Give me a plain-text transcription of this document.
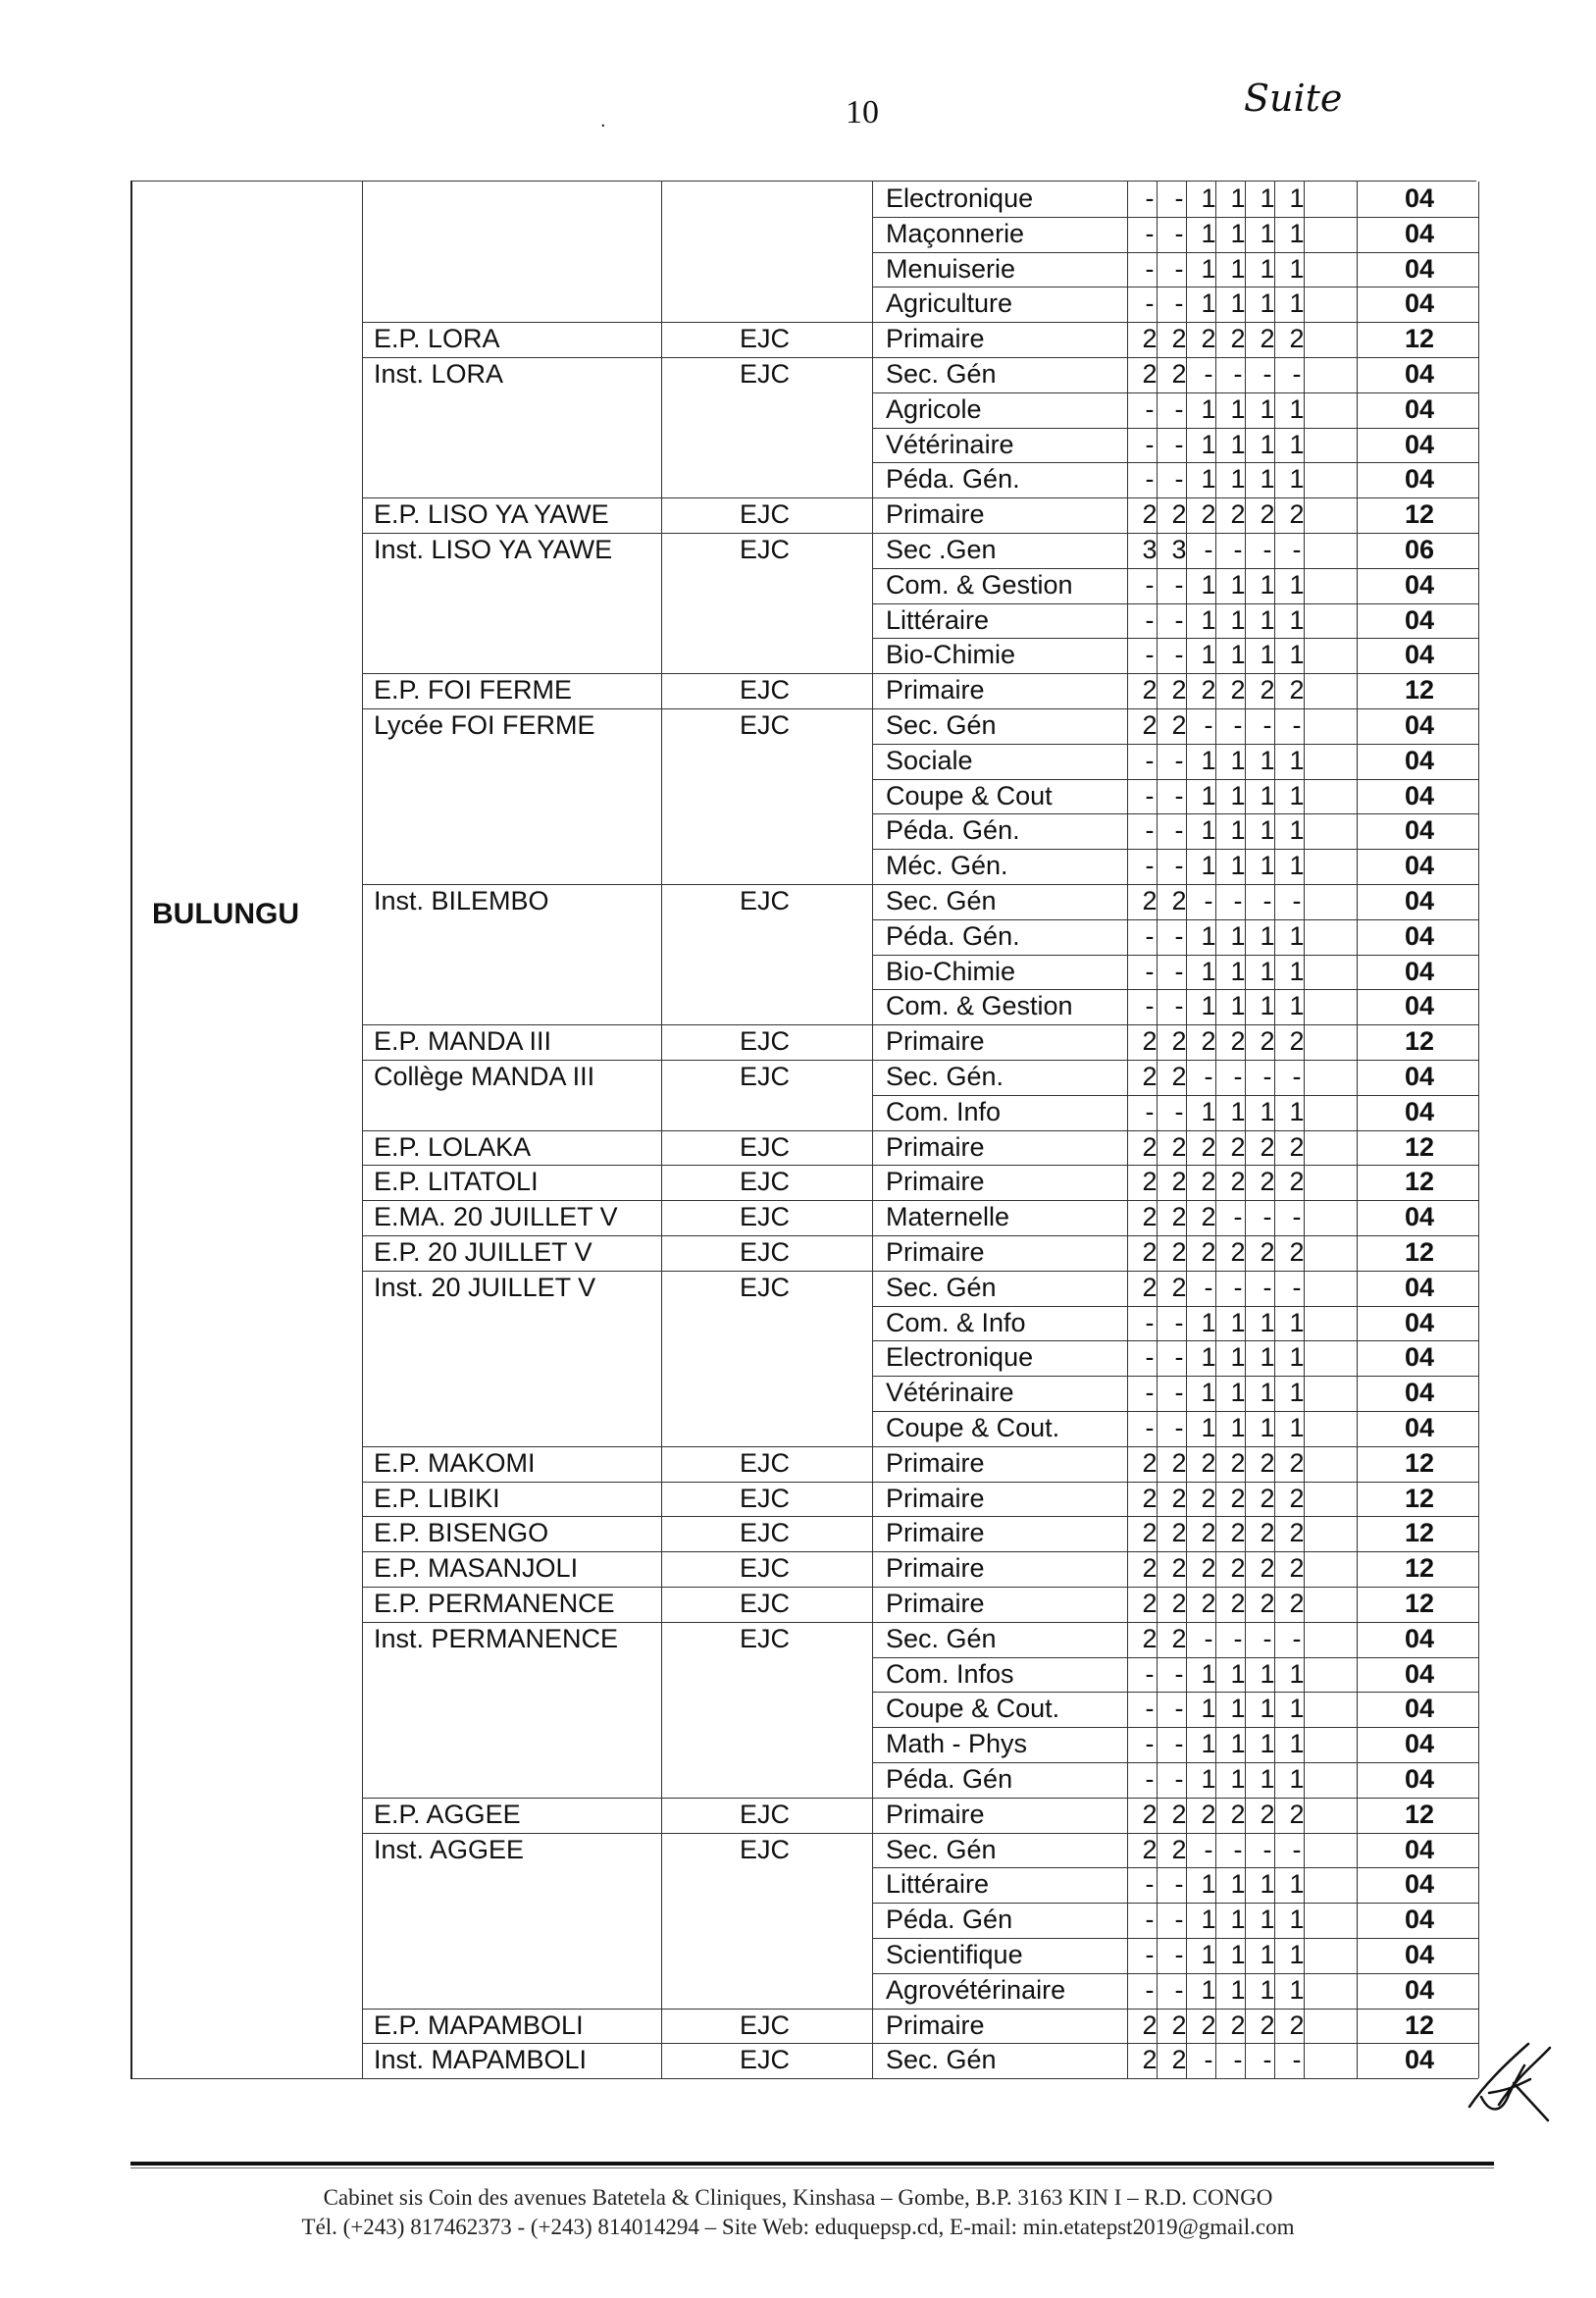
10
.
Suite
BULUNGU
Electronique	- - 1 1 1 1	04
Maçonnerie	- - 1 1 1 1	04
Menuiserie	- - 1 1 1 1	04
Agriculture	- - 1 1 1 1	04
E.P. LORA	EJC	Primaire	2 2 2 2 2 2	12
Inst. LORA	EJC	Sec. Gén	2 2 - - - -	04
Agricole	- - 1 1 1 1	04
Vétérinaire	- - 1 1 1 1	04
Péda. Gén.	- - 1 1 1 1	04
E.P. LISO YA YAWE	EJC	Primaire	2 2 2 2 2 2	12
Inst. LISO YA YAWE	EJC	Sec .Gen	3 3 - - - -	06
Com. & Gestion	- - 1 1 1 1	04
Littéraire	- - 1 1 1 1	04
Bio-Chimie	- - 1 1 1 1	04
E.P. FOI FERME	EJC	Primaire	2 2 2 2 2 2	12
Lycée FOI FERME	EJC	Sec. Gén	2 2 - - - -	04
Sociale	- - 1 1 1 1	04
Coupe & Cout	- - 1 1 1 1	04
Péda. Gén.	- - 1 1 1 1	04
Méc. Gén.	- - 1 1 1 1	04
Inst. BILEMBO	EJC	Sec. Gén	2 2 - - - -	04
Péda. Gén.	- - 1 1 1 1	04
Bio-Chimie	- - 1 1 1 1	04
Com. & Gestion	- - 1 1 1 1	04
E.P. MANDA III	EJC	Primaire	2 2 2 2 2 2	12
Collège MANDA III	EJC	Sec. Gén.	2 2 - - - -	04
Com. Info	- - 1 1 1 1	04
E.P. LOLAKA	EJC	Primaire	2 2 2 2 2 2	12
E.P. LITATOLI	EJC	Primaire	2 2 2 2 2 2	12
E.MA. 20 JUILLET V	EJC	Maternelle	2 2 2 - - -	04
E.P. 20 JUILLET V	EJC	Primaire	2 2 2 2 2 2	12
Inst. 20 JUILLET V	EJC	Sec. Gén	2 2 - - - -	04
Com. & Info	- - 1 1 1 1	04
Electronique	- - 1 1 1 1	04
Vétérinaire	- - 1 1 1 1	04
Coupe & Cout.	- - 1 1 1 1	04
E.P. MAKOMI	EJC	Primaire	2 2 2 2 2 2	12
E.P. LIBIKI	EJC	Primaire	2 2 2 2 2 2	12
E.P. BISENGO	EJC	Primaire	2 2 2 2 2 2	12
E.P. MASANJOLI	EJC	Primaire	2 2 2 2 2 2	12
E.P. PERMANENCE	EJC	Primaire	2 2 2 2 2 2	12
Inst. PERMANENCE	EJC	Sec. Gén	2 2 - - - -	04
Com. Infos	- - 1 1 1 1	04
Coupe & Cout.	- - 1 1 1 1	04
Math - Phys	- - 1 1 1 1	04
Péda. Gén	- - 1 1 1 1	04
E.P. AGGEE	EJC	Primaire	2 2 2 2 2 2	12
Inst. AGGEE	EJC	Sec. Gén	2 2 - - - -	04
Littéraire	- - 1 1 1 1	04
Péda. Gén	- - 1 1 1 1	04
Scientifique	- - 1 1 1 1	04
Agrovétérinaire	- - 1 1 1 1	04
E.P. MAPAMBOLI	EJC	Primaire	2 2 2 2 2 2	12
Inst. MAPAMBOLI	EJC	Sec. Gén	2 2 - - - -	04
Cabinet sis Coin des avenues Batetela & Cliniques, Kinshasa – Gombe, B.P. 3163 KIN I – R.D. CONGO
Tél. (+243) 817462373 - (+243) 814014294 – Site Web: eduquepsp.cd, E-mail: min.etatepst2019@gmail.com
